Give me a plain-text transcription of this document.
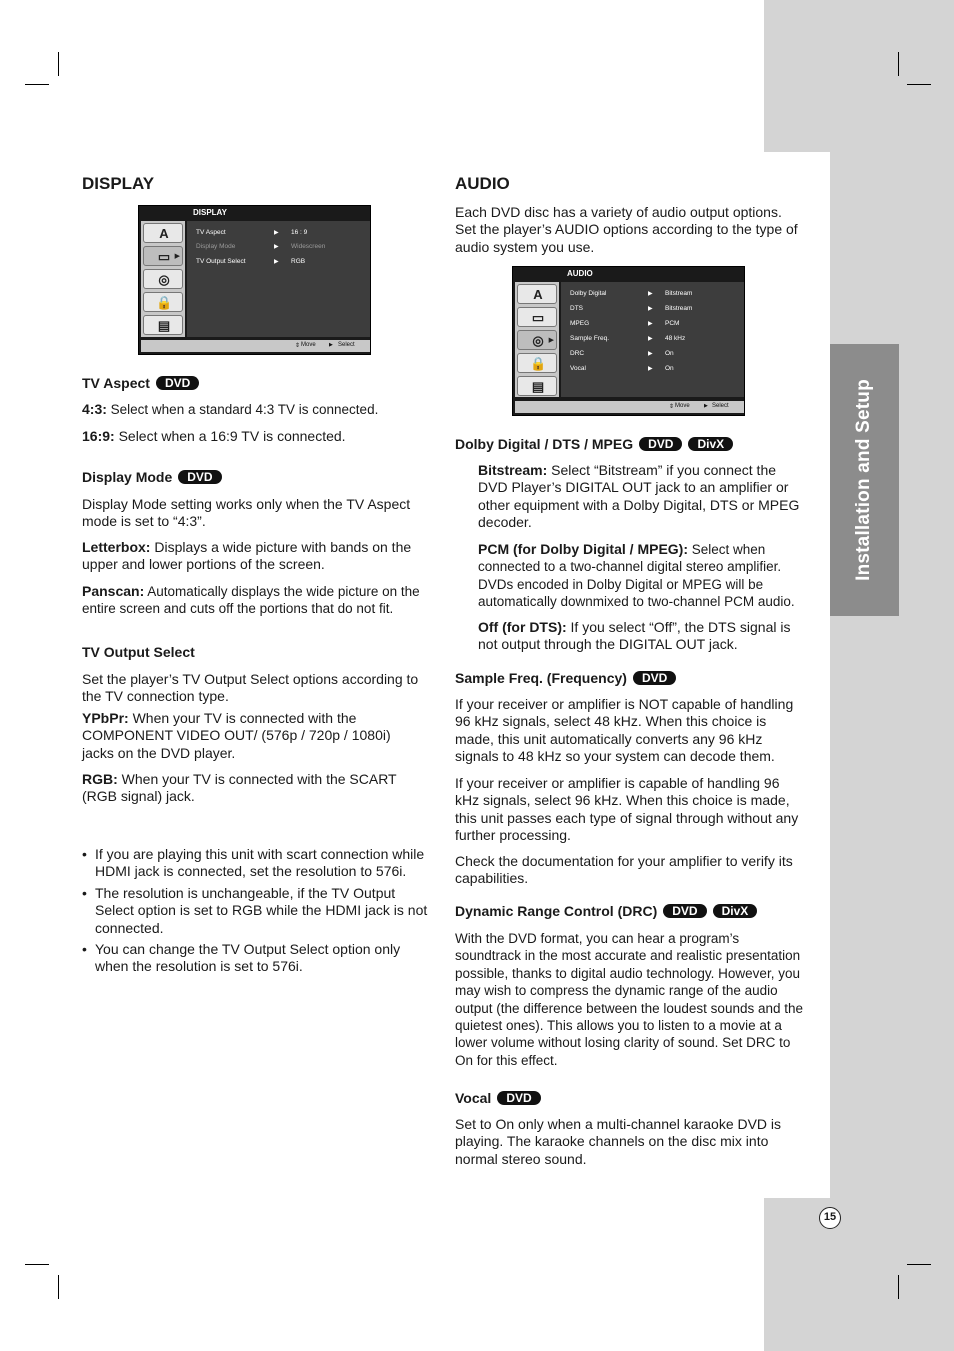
Installation and Setup
15
DISPLAY
DISPLAY
A
▭ ▶
◎
🔒
▤
TV Aspect	▶ 16 : 9
Display Mode	▶ Widescreen
TV Output Select	▶ RGB
⇕ Move	▶ Select
TV Aspect	DVD
4:3: Select when a standard 4:3 TV is connected.
16:9: Select when a 16:9 TV is connected.
Display Mode	DVD
Display Mode setting works only when the TV Aspect mode is set to “4:3”.
Letterbox: Displays a wide picture with bands on the upper and lower portions of the screen.
Panscan: Automatically displays the wide picture on the entire screen and cuts off the portions that do not fit.
TV Output Select
Set the player’s TV Output Select options according to the TV connection type.
YPbPr: When your TV is connected with the COMPONENT VIDEO OUT/ (576p / 720p / 1080i) jacks on the DVD player.
RGB: When your TV is connected with the SCART (RGB signal) jack.
• If you are playing this unit with scart connection while HDMI jack is connected, set the resolution to 576i.
• The resolution is unchangeable, if the TV Output Select option is set to RGB while the HDMI jack is not connected.
• You can change the TV Output Select option only when the resolution is set to 576i.
AUDIO
Each DVD disc has a variety of audio output options. Set the player’s AUDIO options according to the type of audio system you use.
AUDIO
A
▭
◎ ▶
🔒
▤
Dolby Digital	▶ Bitstream
DTS	▶ Bitstream
MPEG	▶ PCM
Sample Freq.	▶ 48 kHz
DRC	▶ On
Vocal	▶ On
⇕ Move	▶ Select
Dolby Digital / DTS / MPEG	DVD	DivX
Bitstream: Select “Bitstream” if you connect the DVD Player’s DIGITAL OUT jack to an amplifier or other equipment with a Dolby Digital, DTS or MPEG decoder.
PCM (for Dolby Digital / MPEG): Select when connected to a two-channel digital stereo amplifier. DVDs encoded in Dolby Digital or MPEG will be automatically downmixed to two-channel PCM audio.
Off (for DTS): If you select “Off”, the DTS signal is not output through the DIGITAL OUT jack.
Sample Freq. (Frequency)	DVD
If your receiver or amplifier is NOT capable of handling 96 kHz signals, select 48 kHz. When this choice is made, this unit automatically converts any 96 kHz signals to 48 kHz so your system can decode them.
If your receiver or amplifier is capable of handling 96 kHz signals, select 96 kHz. When this choice is made, this unit passes each type of signal through without any further processing.
Check the documentation for your amplifier to verify its capabilities.
Dynamic Range Control (DRC)	DVD	DivX
With the DVD format, you can hear a program’s soundtrack in the most accurate and realistic presentation possible, thanks to digital audio technology. However, you may wish to compress the dynamic range of the audio output (the difference between the loudest sounds and the quietest ones). This allows you to listen to a movie at a lower volume without losing clarity of sound. Set DRC to On for this effect.
Vocal	DVD
Set to On only when a multi-channel karaoke DVD is playing. The karaoke channels on the disc mix into normal stereo sound.
